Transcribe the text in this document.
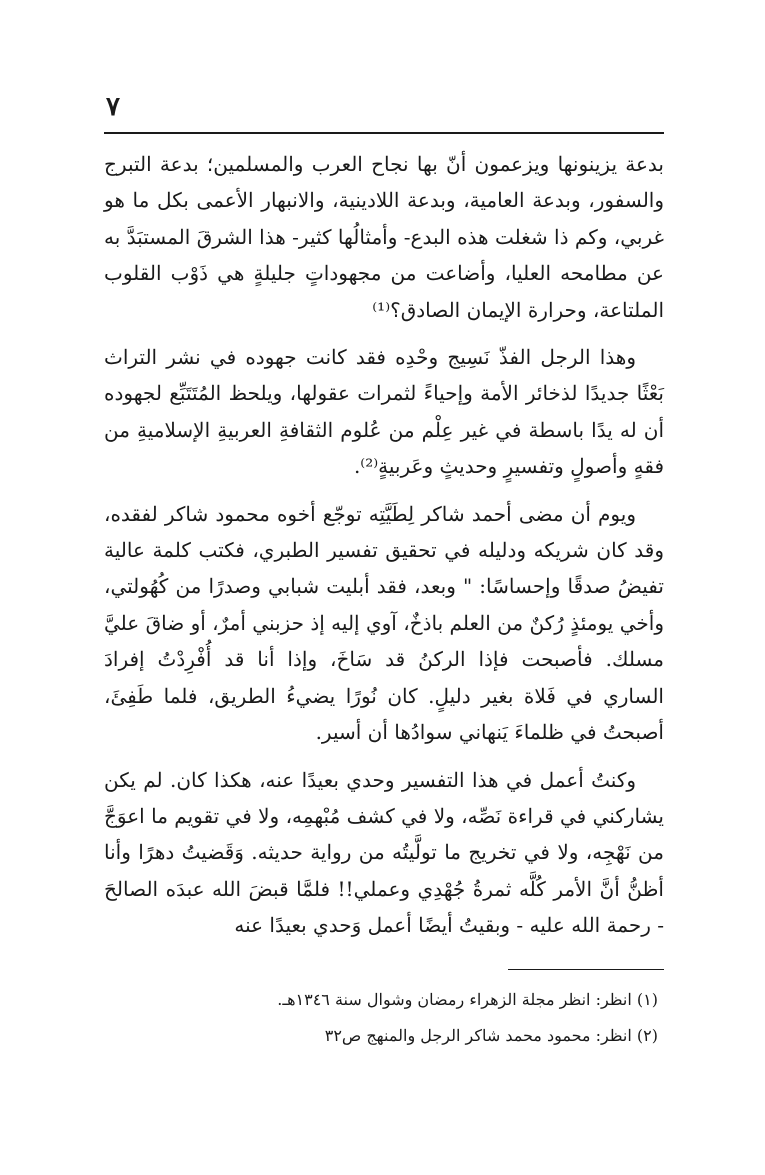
٧

بدعة يزينونها ويزعمون أنّ بها نجاح العرب والمسلمين؛ بدعة التبرج والسفور، وبدعة العامية، وبدعة اللادينية، والانبهار الأعمى بكل ما هو غربي، وكم ذا شغلت هذه البدع- وأمثالُها كثير- هذا الشرقَ المستبَدَّ به عن مطامحه العليا، وأضاعت من مجهوداتٍ جليلةٍ هي ذَوْب القلوب الملتاعة، وحرارة الإيمان الصادق؟⁽¹⁾

وهذا الرجل الفذّ نَسِيج وحْدِه فقد كانت جهوده في نشر التراث بَعْثًا جديدًا لذخائر الأمة وإحياءً لثمرات عقولها، ويلحظ المُتَتَبِّع لجهوده أن له يدًا باسطة في غير عِلْم من عُلوم الثقافةِ العربيةِ الإسلاميةِ من فقهٍ وأصولٍ وتفسيرٍ وحديثٍ وعَربيةٍ⁽²⁾.

ويوم أن مضى أحمد شاكر لِطَيَّتِه توجّع أخوه محمود شاكر لفقده، وقد كان شريكه ودليله في تحقيق تفسير الطبري، فكتب كلمة عالية تفيضُ صدقًا وإحساسًا: " وبعد، فقد أبليت شبابي وصدرًا من كُهُولتي، وأخي يومئذٍ رُكنٌ من العلم باذخٌ، آوي إليه إذ حزبني أمرٌ، أو ضاقَ عليَّ مسلك. فأصبحت فإذا الركنُ قد سَاخَ، وإذا أنا قد أُفْرِدْتُ إفرادَ الساري في فَلاة بغير دليلٍ. كان نُورًا يضيءُ الطريق، فلما طَفِئَ، أصبحتُ في ظلماءَ يَنهاني سوادُها أن أسير.

وكنتُ أعمل في هذا التفسير وحدي بعيدًا عنه، هكذا كان. لم يكن يشاركني في قراءة نَصِّه، ولا في كشف مُبْهمِه، ولا في تقويم ما اعوَجَّ من نَهْجِه، ولا في تخريج ما تولَّيتُه من رواية حديثه. وَقَضيتُ دهرًا وأنا أظنُّ أنَّ الأمر كُلَّه ثمرةُ جُهْدِي وعملي!! فلمَّا قبضَ الله عبدَه الصالحَ - رحمة الله عليه - وبقيتُ أيضًا أعمل وَحدي بعيدًا عنه

(١) انظر: انظر مجلة الزهراء رمضان وشوال سنة ١٣٤٦هـ.

(٢) انظر: محمود محمد شاكر الرجل والمنهج ص٣٢
